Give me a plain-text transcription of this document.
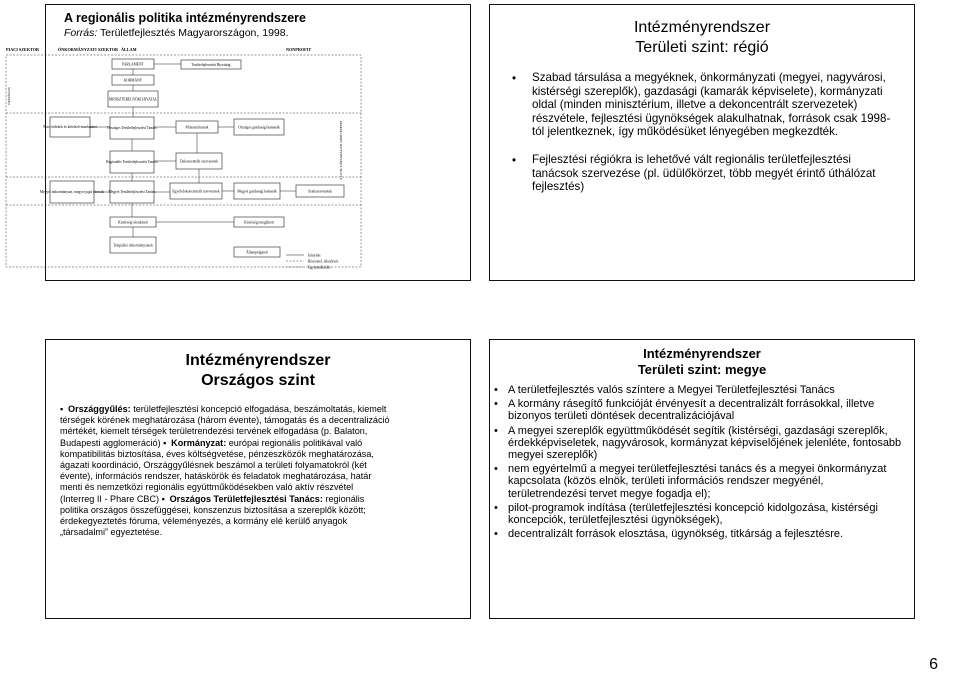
A regionális politika intézményrendszere
Forrás: Területfejlesztés Magyarországon, 1998.
PIACI SZEKTOR	ÖNKORMÁNYZATI SZEKTOR ÁLLAM	NONPROFIT
ORSZÁGOS
PARLAMENT	Területfejlesztési Bizottság
KORMÁNY
MINISZTERELNÖKI HIVATAL
Piaci érdekek és kötelező munkatársi	Országos Területfejlesztési Tanács	Minisztériumok	Országos gazdasági kamarák
Regionális Területfejlesztési Tanács	Dekoncentrált szervezetek
Megyei önkormányzat, megyei jogú városok Megyei Területfejlesztési Tanács	Egyéb dekoncentrált szervezetek	Megyei gazdasági kamarák	Szakszervezetek
Kistérségi társulások	Kistérségi megbízott
Települési önkormányzatok
Állampolgárok
A CIVIL TÁRSADALOM SZERVEZETEI
Irányítás
Részvétel, ellenőrzés
Együttműködés
Intézményrendszer
Területi szint: régió
• Szabad társulása a megyéknek, önkormányzati (megyei, nagyvárosi, kistérségi szereplők), gazdasági (kamarák képviselete), kormányzati oldal (minden minisztérium, illetve a dekoncentrált szervezetek) részvétele, fejlesztési ügynökségek alakulhatnak, források csak 1998-tól jelentkeznek, így működésüket lényegében megkezdték.
• Fejlesztési régiókra is lehetővé vált regionális területfejlesztési tanácsok szervezése (pl. üdülőkörzet, több megyét érintő úthálózat fejlesztés)
Intézményrendszer
Országos szint
▪ Országgyűlés: területfejlesztési koncepció elfogadása, beszámoltatás, kiemelt térségek körének meghatározása (három évente), támogatás és a decentralizáció mértékét, kiemelt térségek területrendezési tervének elfogadása (p. Balaton, Budapesti agglomeráció) ▪ Kormányzat: európai regionális politikával való kompatibilitás biztosítása, éves költségvetése, pénzeszközök meghatározása, ágazati koordináció, Országgyűlésnek beszámol a területi folyamatokról (két évente), információs rendszer, hatáskörök és feladatok meghatározása, határ menti és nemzetközi regionális együttműködésekben való aktív részvétel (Interreg II - Phare CBC) ▪ Országos Területfejlesztési Tanács: regionális politika országos összefüggései, konszenzus biztosítása a szereplők között; érdekegyeztetés fóruma, véleményezés, a kormány elé kerülő anyagok „társadalmi” egyeztetése.
Intézményrendszer
Területi szint: megye
• A területfejlesztés valós színtere a Megyei Területfejlesztési Tanács
• A kormány rásegítő funkcióját érvényesít a decentralizált forrásokkal, illetve bizonyos területi döntések decentralizációjával
• A megyei szereplők együttműködését segítik (kistérségi, gazdasági szereplők, érdekképviseletek, nagyvárosok, kormányzat képviselőjének jelenléte, fontosabb megyei szereplők)
• nem egyértelmű a megyei területfejlesztési tanács és a megyei önkormányzat kapcsolata (közös elnök, területi információs rendszer megyénél, területrendezési tervet megye fogadja el);
• pilot-programok indítása (területfejlesztési koncepció kidolgozása, kistérségi koncepciók, területfejlesztési ügynökségek),
• decentralizált források elosztása, ügynökség, titkárság a fejlesztésre.
6
